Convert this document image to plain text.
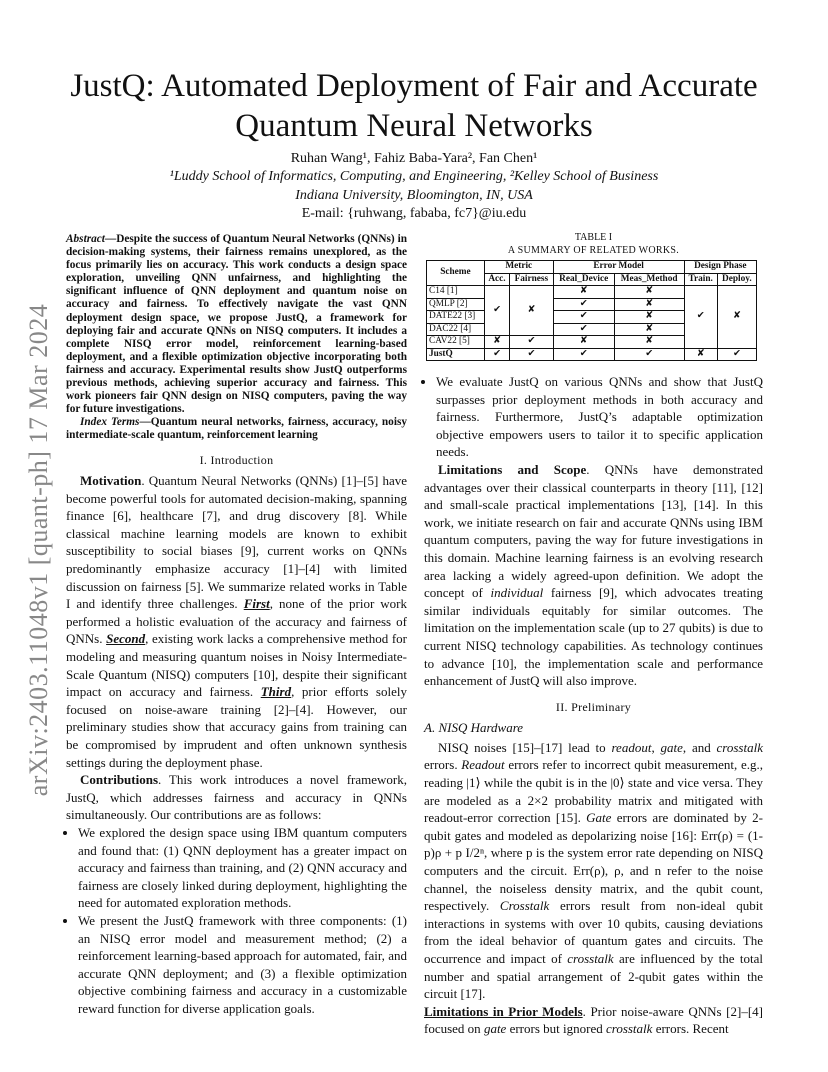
arXiv:2403.11048v1 [quant-ph] 17 Mar 2024
JustQ: Automated Deployment of Fair and Accurate
Quantum Neural Networks
Ruhan Wang¹, Fahiz Baba-Yara², Fan Chen¹
¹Luddy School of Informatics, Computing, and Engineering, ²Kelley School of Business
Indiana University, Bloomington, IN, USA
E-mail: {ruhwang, fababa, fc7}@iu.edu

Abstract—Despite the success of Quantum Neural Networks (QNNs) in decision-making systems, their fairness remains unexplored, as the focus primarily lies on accuracy. This work conducts a design space exploration, unveiling QNN unfairness, and highlighting the significant influence of QNN deployment and quantum noise on accuracy and fairness. To effectively navigate the vast QNN deployment design space, we propose JustQ, a framework for deploying fair and accurate QNNs on NISQ computers. It includes a complete NISQ error model, reinforcement learning-based deployment, and a flexible optimization objective incorporating both fairness and accuracy. Experimental results show JustQ outperforms previous methods, achieving superior accuracy and fairness. This work pioneers fair QNN design on NISQ computers, paving the way for future investigations.

Index Terms—Quantum neural networks, fairness, accuracy, noisy intermediate-scale quantum, reinforcement learning

I. Introduction

Motivation. Quantum Neural Networks (QNNs) [1]–[5] have become powerful tools for automated decision-making, spanning finance [6], healthcare [7], and drug discovery [8]. While classical machine learning models are known to exhibit susceptibility to social biases [9], current works on QNNs predominantly emphasize accuracy [1]–[4] with limited discussion on fairness [5]. We summarize related works in Table I and identify three challenges. First, none of the prior work performed a holistic evaluation of the accuracy and fairness of QNNs. Second, existing work lacks a comprehensive method for modeling and measuring quantum noises in Noisy Intermediate-Scale Quantum (NISQ) computers [10], despite their significant impact on accuracy and fairness. Third, prior efforts solely focused on noise-aware training [2]–[4]. However, our preliminary studies show that accuracy gains from training can be compromised by imprudent and often unknown synthesis settings during the deployment phase.

Contributions. This work introduces a novel framework, JustQ, which addresses fairness and accuracy in QNNs simultaneously. Our contributions are as follows:

• We explored the design space using IBM quantum computers and found that: (1) QNN deployment has a greater impact on accuracy and fairness than training, and (2) QNN accuracy and fairness are closely linked during deployment, highlighting the need for automated exploration methods.
• We present the JustQ framework with three components: (1) an NISQ error model and measurement method; (2) a reinforcement learning-based approach for automated, fair, and accurate QNN deployment; and (3) a flexible optimization objective combining fairness and accuracy in a customizable reward function for diverse application goals.
TABLE I
A SUMMARY OF RELATED WORKS.
Scheme	Metric		Error Model		Design Phase	
	Acc.	Fairness	Real_Device	Meas_Method	Train.	Deploy.
C14 [1]	✔	✘	✘	✘	✔	✘
QMLP [2]			✔	✘		
DATE22 [3]			✔	✘		
DAC22 [4]			✔	✘		
CAV22 [5]	✘	✔	✘	✘		
JustQ	✔	✔	✔	✔	✘	✔
• We evaluate JustQ on various QNNs and show that JustQ surpasses prior deployment methods in both accuracy and fairness. Furthermore, JustQ’s adaptable optimization objective empowers users to tailor it to specific application needs.

Limitations and Scope. QNNs have demonstrated advantages over their classical counterparts in theory [11], [12] and small-scale practical implementations [13], [14]. In this work, we initiate research on fair and accurate QNNs using IBM quantum computers, paving the way for future investigations in this domain. Machine learning fairness is an evolving research area lacking a widely agreed-upon definition. We adopt the concept of individual fairness [9], which advocates treating similar individuals equitably for similar outcomes. The limitation on the implementation scale (up to 27 qubits) is due to current NISQ technology capabilities. As technology continues to advance [10], the implementation scale and performance enhancement of JustQ will also improve.

II. Preliminary
A. NISQ Hardware

NISQ noises [15]–[17] lead to readout, gate, and crosstalk errors. Readout errors refer to incorrect qubit measurement, e.g., reading |1⟩ while the qubit is in the |0⟩ state and vice versa. They are modeled as a 2×2 probability matrix and mitigated with readout-error correction [15]. Gate errors are dominated by 2-qubit gates and modeled as depolarizing noise [16]: Err(ρ) = (1-p)ρ + p I/2ⁿ, where p is the system error rate depending on NISQ computers and the circuit. Err(ρ), ρ, and n refer to the noise channel, the noiseless density matrix, and the qubit count, respectively. Crosstalk errors result from non-ideal qubit interactions in systems with over 10 qubits, causing deviations from the ideal behavior of quantum gates and circuits. The occurrence and impact of crosstalk are influenced by the total number and spatial arrangement of 2-qubit gates within the circuit [17].

Limitations in Prior Models. Prior noise-aware QNNs [2]–[4] focused on gate errors but ignored crosstalk errors. Recent
